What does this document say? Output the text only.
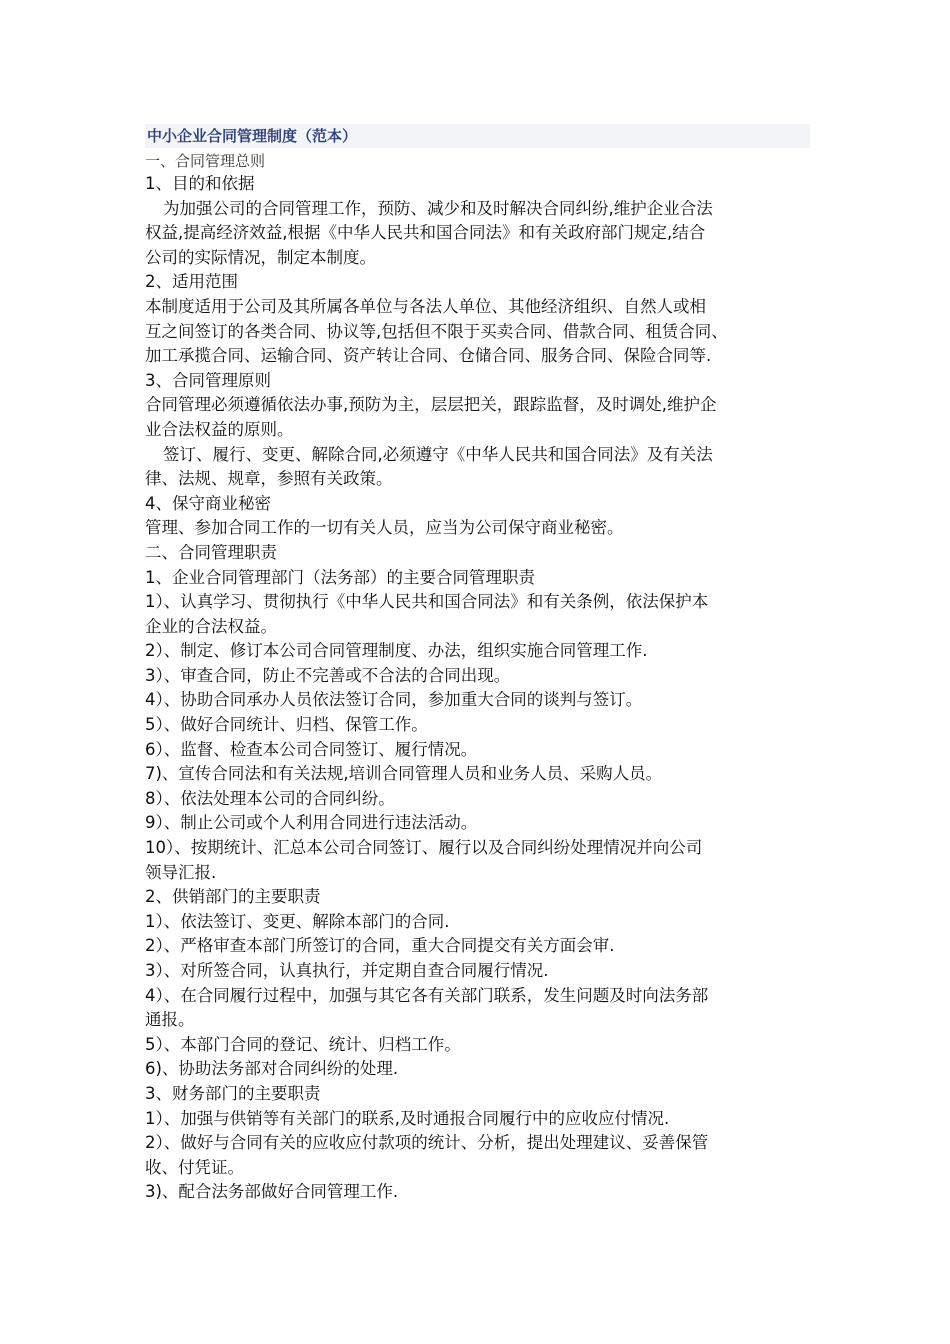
中小企业合同管理制度（范本）
一、合同管理总则

1、目的和依据

为加强公司的合同管理工作，预防、减少和及时解决合同纠纷,维护企业合法

权益,提高经济效益,根据《中华人民共和国合同法》和有关政府部门规定,结合

公司的实际情况，制定本制度。

2、适用范围

本制度适用于公司及其所属各单位与各法人单位、其他经济组织、自然人或相

互之间签订的各类合同、协议等,包括但不限于买卖合同、借款合同、租赁合同、

加工承揽合同、运输合同、资产转让合同、仓储合同、服务合同、保险合同等.

3、合同管理原则

合同管理必须遵循依法办事,预防为主，层层把关，跟踪监督，及时调处,维护企

业合法权益的原则。

签订、履行、变更、解除合同,必须遵守《中华人民共和国合同法》及有关法

律、法规、规章，参照有关政策。

4、保守商业秘密

管理、参加合同工作的一切有关人员，应当为公司保守商业秘密。

二、合同管理职责

1、企业合同管理部门（法务部）的主要合同管理职责

1）、认真学习、贯彻执行《中华人民共和国合同法》和有关条例，依法保护本

企业的合法权益。

2）、制定、修订本公司合同管理制度、办法，组织实施合同管理工作.

3）、审查合同，防止不完善或不合法的合同出现。

4）、协助合同承办人员依法签订合同，参加重大合同的谈判与签订。

5）、做好合同统计、归档、保管工作。

6）、监督、检查本公司合同签订、履行情况。

7)、宣传合同法和有关法规,培训合同管理人员和业务人员、采购人员。

8）、依法处理本公司的合同纠纷。

9）、制止公司或个人利用合同进行违法活动。

10）、按期统计、汇总本公司合同签订、履行以及合同纠纷处理情况并向公司

领导汇报.

2、供销部门的主要职责

1）、依法签订、变更、解除本部门的合同.

2）、严格审查本部门所签订的合同，重大合同提交有关方面会审.

3）、对所签合同，认真执行，并定期自查合同履行情况.

4）、在合同履行过程中，加强与其它各有关部门联系，发生问题及时向法务部

通报。

5）、本部门合同的登记、统计、归档工作。

6)、协助法务部对合同纠纷的处理.

3、财务部门的主要职责

1）、加强与供销等有关部门的联系,及时通报合同履行中的应收应付情况.

2）、做好与合同有关的应收应付款项的统计、分析，提出处理建议、妥善保管

收、付凭证。

3)、配合法务部做好合同管理工作.
